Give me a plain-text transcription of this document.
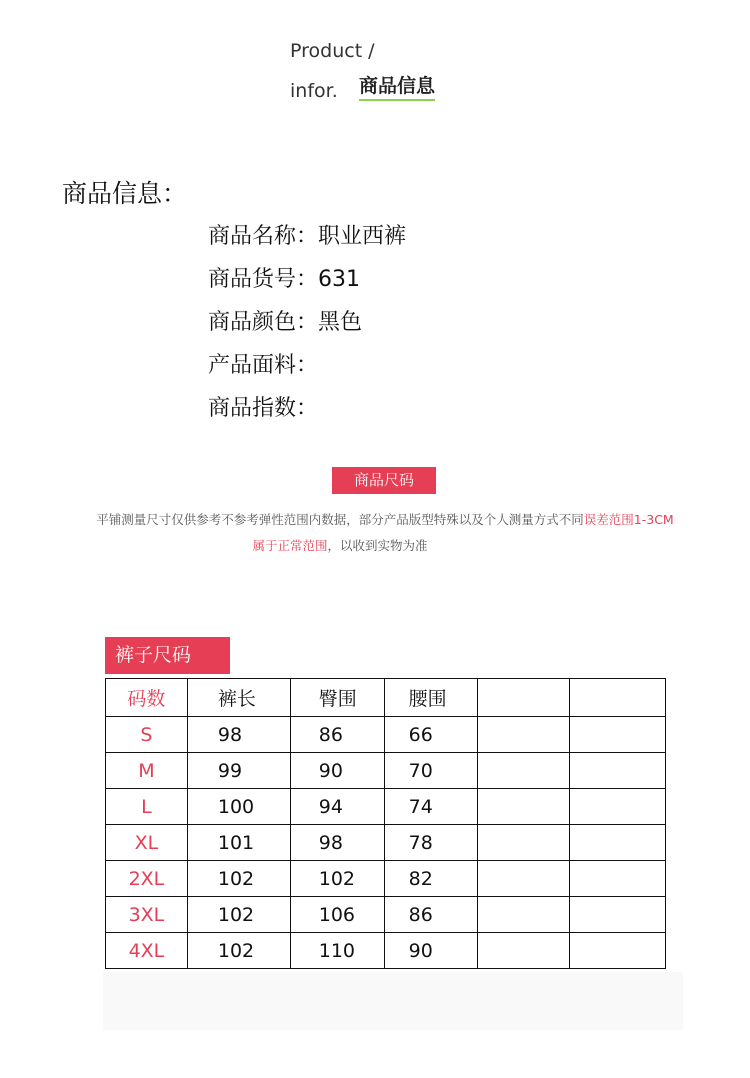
Product /
infor. 商品信息
商品信息：
商品名称：职业西裤
商品货号：631
商品颜色：黑色
产品面料：
商品指数：
商品尺码
平铺测量尺寸仅供参考不参考弹性范围内数据，部分产品版型特殊以及个人测量方式不同误差范围1-3CM
属于正常范围，以收到实物为准
裤子尺码
码数	裤长	臀围	腰围		
S	98	86	66		
M	99	90	70		
L	100	94	74		
XL	101	98	78		
2XL	102	102	82		
3XL	102	106	86		
4XL	102	110	90		
